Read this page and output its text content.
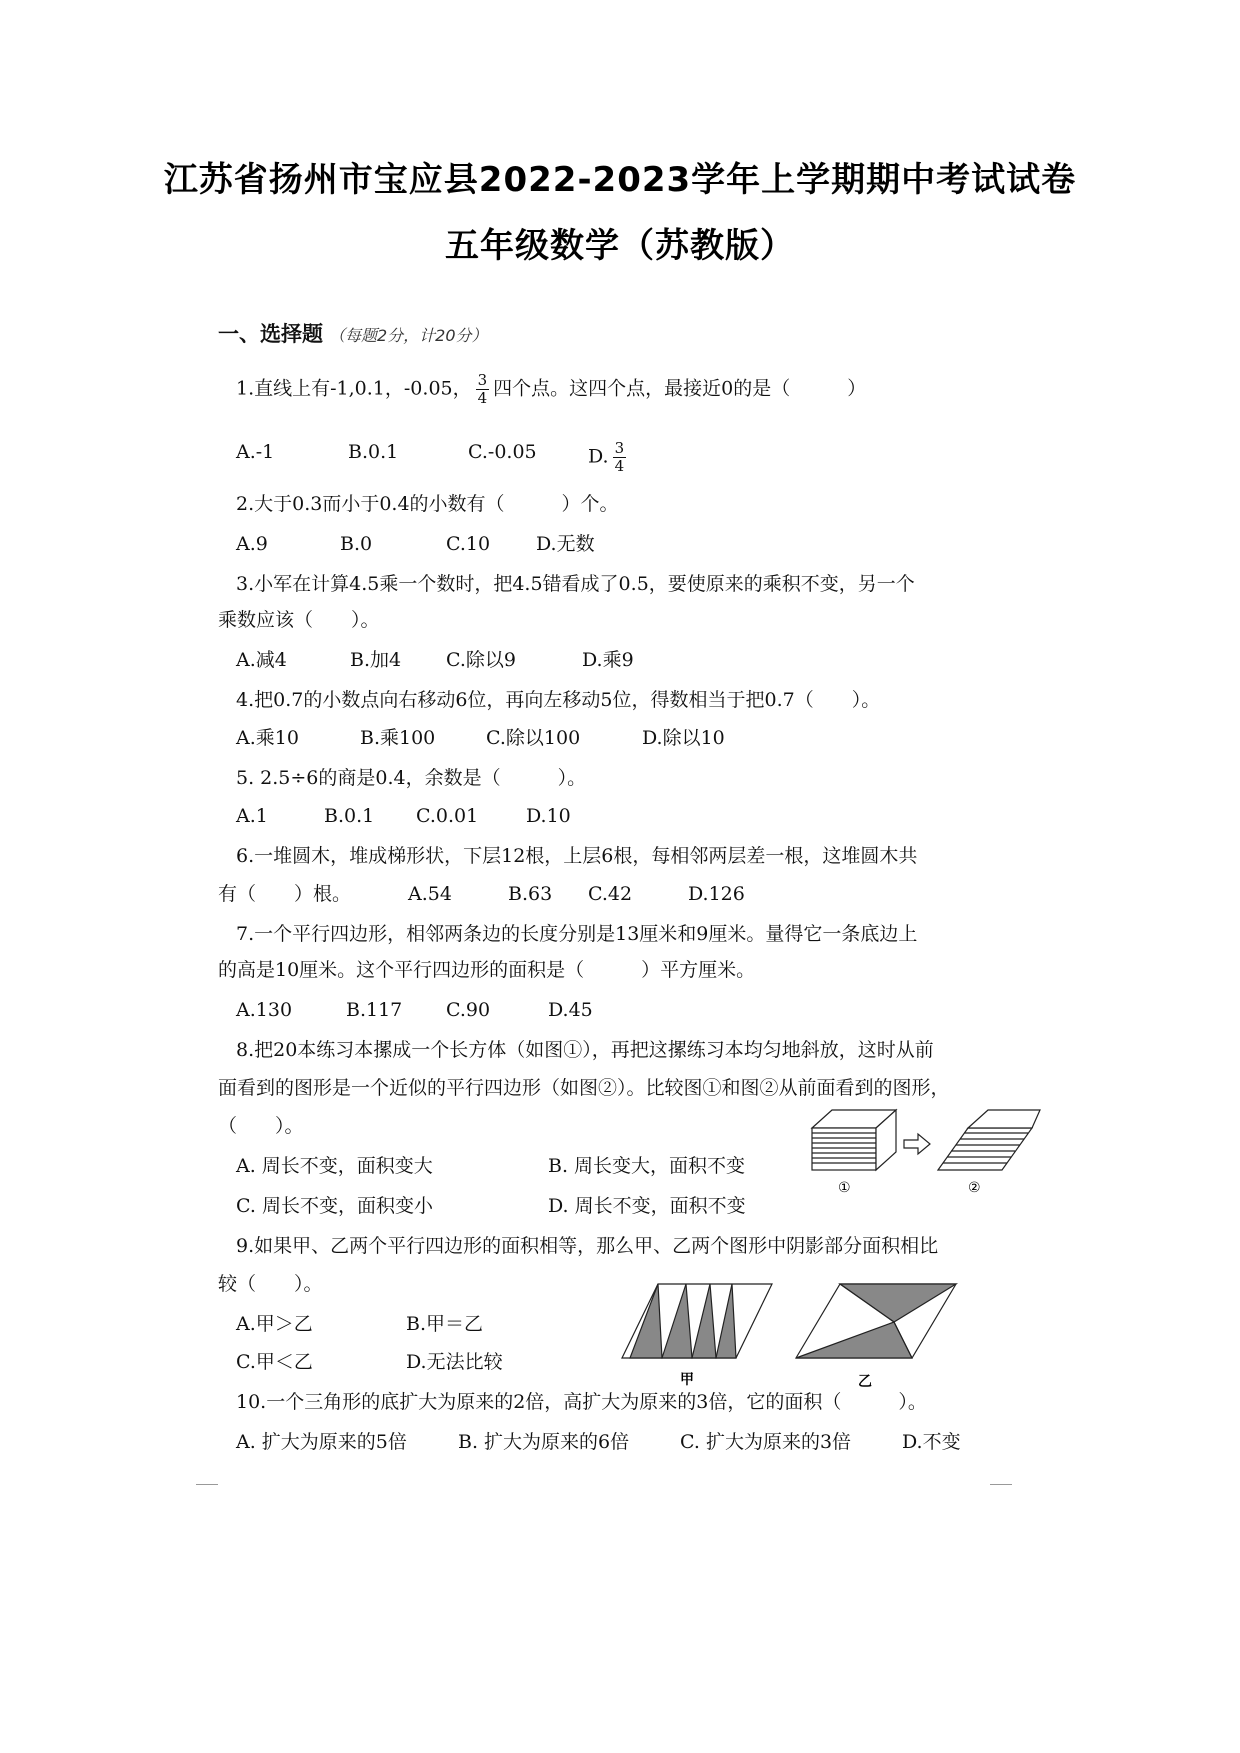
江苏省扬州市宝应县2022-2023学年上学期期中考试试卷
五年级数学（苏教版）
一、选择题 （每题2分，计20分）
1.直线上有-1,0.1，-0.05， $\frac{3}{4}$ 四个点。这四个点，最接近0的是（　　　）
A.-1	B.0.1	C.-0.05	D. $\frac{3}{4}$
2.大于0.3而小于0.4的小数有（　　　）个。
A.9	B.0	C.10 D.无数
3.小军在计算4.5乘一个数时，把4.5错看成了0.5，要使原来的乘积不变，另一个
乘数应该（　　）。
A.减4	B.加4 C.除以9	D.乘9
4.把0.7的小数点向右移动6位，再向左移动5位，得数相当于把0.7（　　）。
A.乘10	B.乘100	C.除以100	D.除以10
5. 2.5÷6的商是0.4，余数是（　　　）。
A.1	B.0.1 C.0.01	D.10
6.一堆圆木，堆成梯形状，下层12根，上层6根，每相邻两层差一根，这堆圆木共
有（　　）根。	A.54	B.63 C.42	D.126
7.一个平行四边形，相邻两条边的长度分别是13厘米和9厘米。量得它一条底边上
的高是10厘米。这个平行四边形的面积是（　　　）平方厘米。
A.130	B.117 C.90	D.45
8.把20本练习本摞成一个长方体（如图①），再把这摞练习本均匀地斜放，这时从前
面看到的图形是一个近似的平行四边形（如图②）。比较图①和图②从前面看到的图形，
（　　）。
A. 周长不变，面积变大	B. 周长变大，面积不变
C. 周长不变，面积变小	D. 周长不变，面积不变
①	②
9.如果甲、乙两个平行四边形的面积相等，那么甲、乙两个图形中阴影部分面积相比
较（　　）。
A.甲＞乙	B.甲＝乙
C.甲＜乙	D.无法比较
甲	乙
10.一个三角形的底扩大为原来的2倍，高扩大为原来的3倍，它的面积（　　　）。
A. 扩大为原来的5倍	B. 扩大为原来的6倍	C. 扩大为原来的3倍	D.不变
